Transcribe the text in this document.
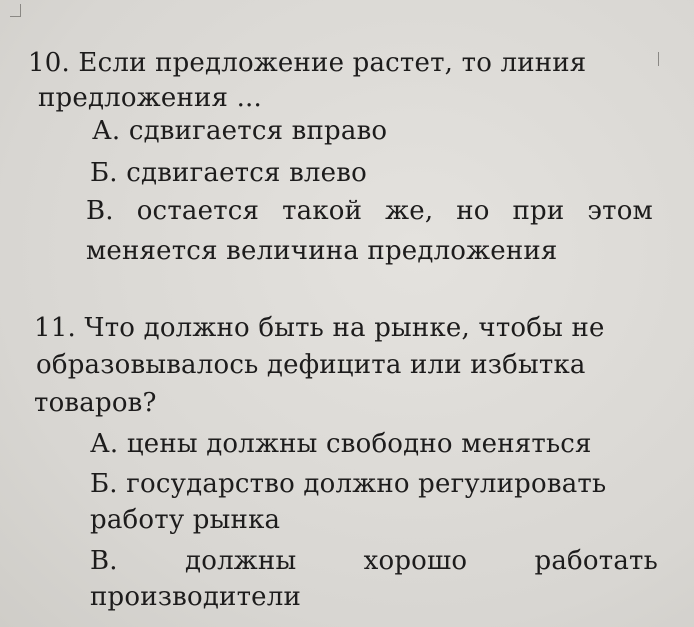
10. Если предложение растет, то линия
предложения ...
А. сдвигается вправо
Б. сдвигается влево
В. остается такой же, но при этом
меняется величина предложения
11. Что должно быть на рынке, чтобы не
образовывалось дефицита или избытка
товаров?
А. цены должны свободно меняться
Б. государство должно регулировать
работу рынка
В.	должны	хорошо	работать
производители
